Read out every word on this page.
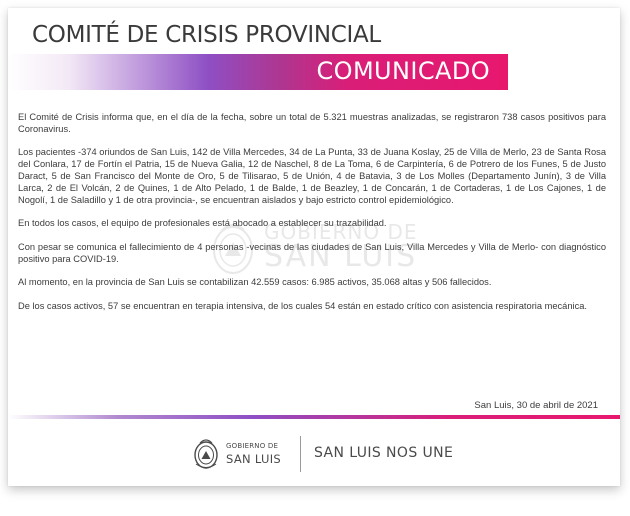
COMITÉ DE CRISIS PROVINCIAL
COMUNICADO
GOBIERNO DE
SAN LUIS

El Comité de Crisis informa que, en el día de la fecha, sobre un total de 5.321 muestras analizadas, se registraron 738 casos positivos para Coronavirus.

Los pacientes -374 oriundos de San Luis, 142 de Villa Mercedes, 34 de La Punta, 33 de Juana Koslay, 25 de Villa de Merlo, 23 de Santa Rosa del Conlara, 17 de Fortín el Patria, 15 de Nueva Galia, 12 de Naschel, 8 de La Toma, 6 de Carpintería, 6 de Potrero de los Funes, 5 de Justo Daract, 5 de San Francisco del Monte de Oro, 5 de Tilisarao, 5 de Unión, 4 de Batavia, 3 de Los Molles (Departamento Junín), 3 de Villa Larca, 2 de El Volcán, 2 de Quines, 1 de Alto Pelado, 1 de Balde, 1 de Beazley, 1 de Concarán, 1 de Cortaderas, 1 de Los Cajones, 1 de Nogolí, 1 de Saladillo y 1 de otra provincia-, se encuentran aislados y bajo estricto control epidemiológico.

En todos los casos, el equipo de profesionales está abocado a establecer su trazabilidad.

Con pesar se comunica el fallecimiento de 4 personas -vecinas de las ciudades de San Luis, Villa Mercedes y Villa de Merlo- con diagnóstico positivo para COVID-19.

Al momento, en la provincia de San Luis se contabilizan 42.559 casos: 6.985 activos, 35.068 altas y 506 fallecidos.

De los casos activos, 57 se encuentran en terapia intensiva, de los cuales 54 están en estado crítico con asistencia respiratoria mecánica.

San Luis, 30 de abril de 2021
GOBIERNO DE
SAN LUIS SAN LUIS NOS UNE
